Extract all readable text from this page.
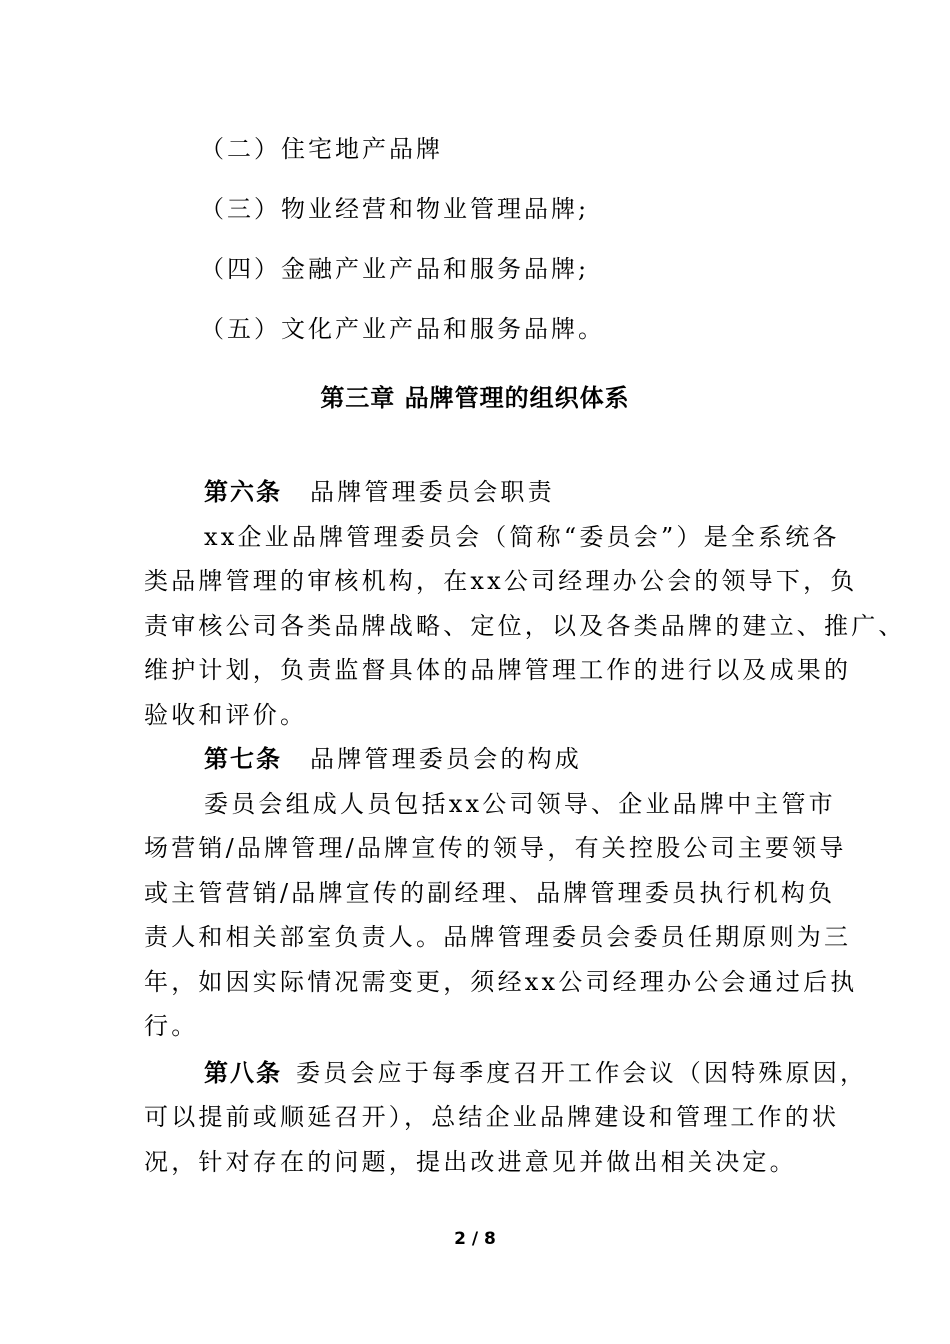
（二）住宅地产品牌
（三）物业经营和物业管理品牌;
（四）金融产业产品和服务品牌;
（五）文化产业产品和服务品牌。
第三章 品牌管理的组织体系
第六条 品牌管理委员会职责
xx企业品牌管理委员会（简称“委员会”）是全系统各
类品牌管理的审核机构，在xx公司经理办公会的领导下，负
责审核公司各类品牌战略、定位，以及各类品牌的建立、推广、
维护计划，负责监督具体的品牌管理工作的进行以及成果的
验收和评价。
第七条 品牌管理委员会的构成
委员会组成人员包括xx公司领导、企业品牌中主管市
场营销/品牌管理/品牌宣传的领导，有关控股公司主要领导
或主管营销/品牌宣传的副经理、品牌管理委员执行机构负
责人和相关部室负责人。品牌管理委员会委员任期原则为三
年，如因实际情况需变更，须经xx公司经理办公会通过后执
行。
第八条 委员会应于每季度召开工作会议（因特殊原因，
可以提前或顺延召开），总结企业品牌建设和管理工作的状
况，针对存在的问题，提出改进意见并做出相关决定。
2 / 8
